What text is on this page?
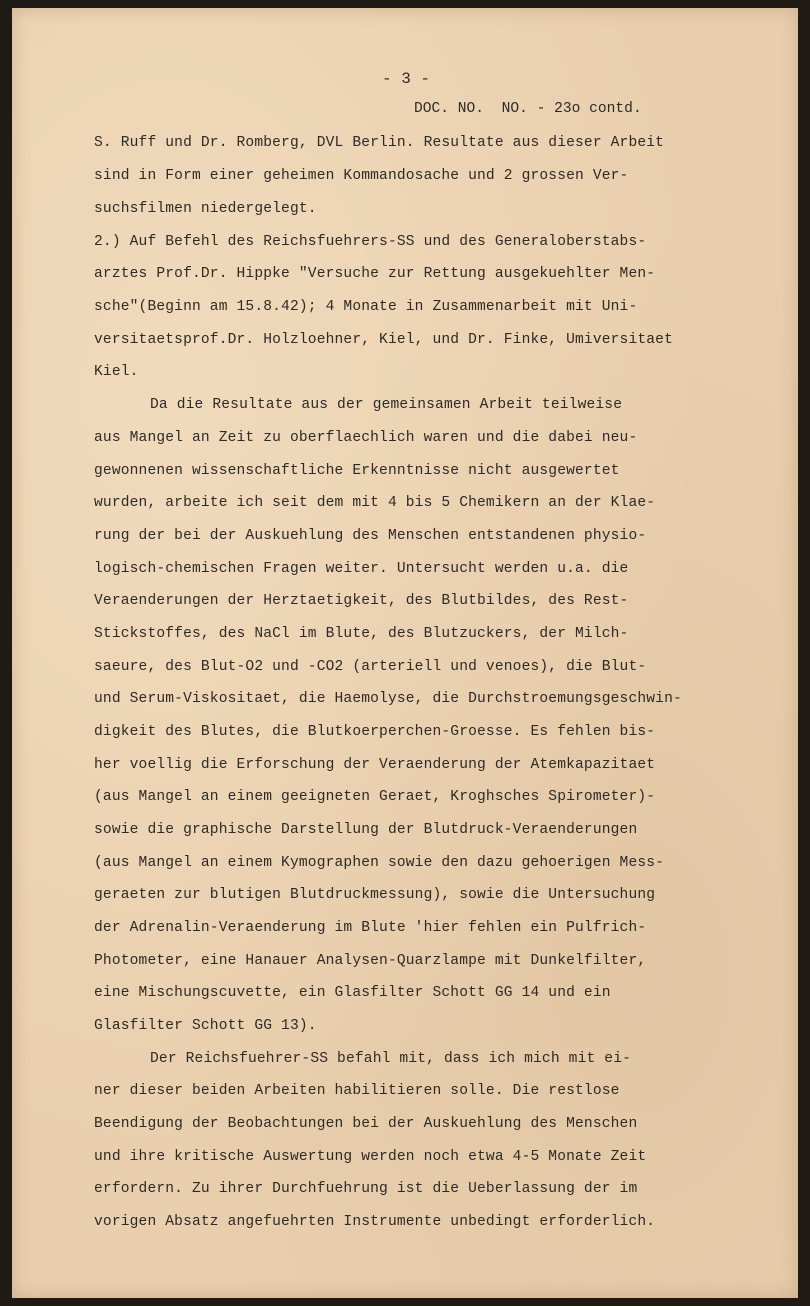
- 3 -
DOC. NO.  NO. - 23o contd.
S. Ruff und Dr. Romberg, DVL Berlin. Resultate aus dieser Arbeit
sind in Form einer geheimen Kommandosache und 2 grossen Ver-
suchsfilmen niedergelegt.
2.) Auf Befehl des Reichsfuehrers-SS und des Generaloberstabs-
arztes Prof.Dr. Hippke "Versuche zur Rettung ausgekuehlter Men-
sche"(Beginn am 15.8.42); 4 Monate in Zusammenarbeit mit Uni-
versitaetsprof.Dr. Holzloehner, Kiel, und Dr. Finke, Umiversitaet
Kiel.
Da die Resultate aus der gemeinsamen Arbeit teilweise
aus Mangel an Zeit zu oberflaechlich waren und die dabei neu-
gewonnenen wissenschaftliche Erkenntnisse nicht ausgewertet
wurden, arbeite ich seit dem mit 4 bis 5 Chemikern an der Klae-
rung der bei der Auskuehlung des Menschen entstandenen physio-
logisch-chemischen Fragen weiter. Untersucht werden u.a. die
Veraenderungen der Herztaetigkeit, des Blutbildes, des Rest-
Stickstoffes, des NaCl im Blute, des Blutzuckers, der Milch-
saeure, des Blut-O2 und -CO2 (arteriell und venoes), die Blut-
und Serum-Viskositaet, die Haemolyse, die Durchstroemungsgeschwin-
digkeit des Blutes, die Blutkoerperchen-Groesse. Es fehlen bis-
her voellig die Erforschung der Veraenderung der Atemkapazitaet
(aus Mangel an einem geeigneten Geraet, Kroghsches Spirometer)-
sowie die graphische Darstellung der Blutdruck-Veraenderungen
(aus Mangel an einem Kymographen sowie den dazu gehoerigen Mess-
geraeten zur blutigen Blutdruckmessung), sowie die Untersuchung
der Adrenalin-Veraenderung im Blute 'hier fehlen ein Pulfrich-
Photometer, eine Hanauer Analysen-Quarzlampe mit Dunkelfilter,
eine Mischungscuvette, ein Glasfilter Schott GG 14 und ein
Glasfilter Schott GG 13).
Der Reichsfuehrer-SS befahl mit, dass ich mich mit ei-
ner dieser beiden Arbeiten habilitieren solle. Die restlose
Beendigung der Beobachtungen bei der Auskuehlung des Menschen
und ihre kritische Auswertung werden noch etwa 4-5 Monate Zeit
erfordern. Zu ihrer Durchfuehrung ist die Ueberlassung der im
vorigen Absatz angefuehrten Instrumente unbedingt erforderlich.
